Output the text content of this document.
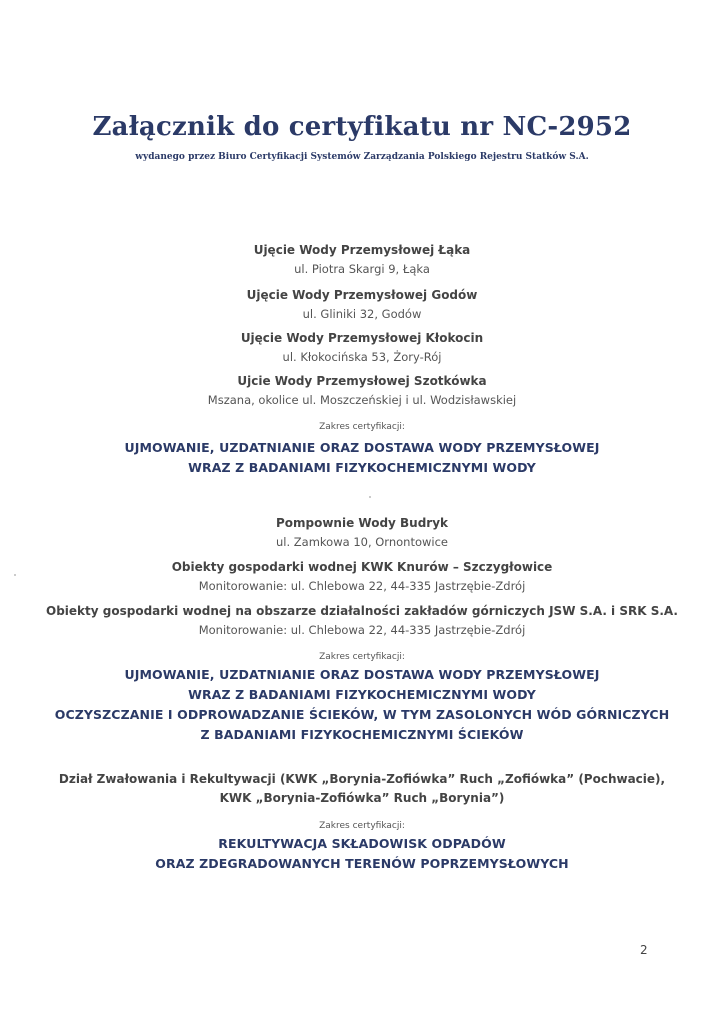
Załącznik do certyfikatu nr NC-2952
wydanego przez Biuro Certyfikacji Systemów Zarządzania Polskiego Rejestru Statków S.A.
Ujęcie Wody Przemysłowej Łąka
ul. Piotra Skargi 9, Łąka
Ujęcie Wody Przemysłowej Godów
ul. Gliniki 32, Godów
Ujęcie Wody Przemysłowej Kłokocin
ul. Kłokocińska 53, Żory-Rój
Ujcie Wody Przemysłowej Szotkówka
Mszana, okolice ul. Moszczeńskiej i ul. Wodzisławskiej
Zakres certyfikacji:
UJMOWANIE, UZDATNIANIE ORAZ DOSTAWA WODY PRZEMYSŁOWEJ
WRAZ Z BADANIAMI FIZYKOCHEMICZNYMI WODY
Pompownie Wody Budryk
ul. Zamkowa 10, Ornontowice
Obiekty gospodarki wodnej KWK Knurów – Szczygłowice
Monitorowanie: ul. Chlebowa 22, 44-335 Jastrzębie-Zdrój
Obiekty gospodarki wodnej na obszarze działalności zakładów górniczych JSW S.A. i SRK S.A.
Monitorowanie: ul. Chlebowa 22, 44-335 Jastrzębie-Zdrój
Zakres certyfikacji:
UJMOWANIE, UZDATNIANIE ORAZ DOSTAWA WODY PRZEMYSŁOWEJ
WRAZ Z BADANIAMI FIZYKOCHEMICZNYMI WODY
OCZYSZCZANIE I ODPROWADZANIE ŚCIEKÓW, W TYM ZASOLONYCH WÓD GÓRNICZYCH
Z BADANIAMI FIZYKOCHEMICZNYMI ŚCIEKÓW
Dział Zwałowania i Rekultywacji (KWK „Borynia-Zofiówka” Ruch „Zofiówka” (Pochwacie),
KWK „Borynia-Zofiówka” Ruch „Borynia”)
Zakres certyfikacji:
REKULTYWACJA SKŁADOWISK ODPADÓW
ORAZ ZDEGRADOWANYCH TERENÓW POPRZEMYSŁOWYCH
2
